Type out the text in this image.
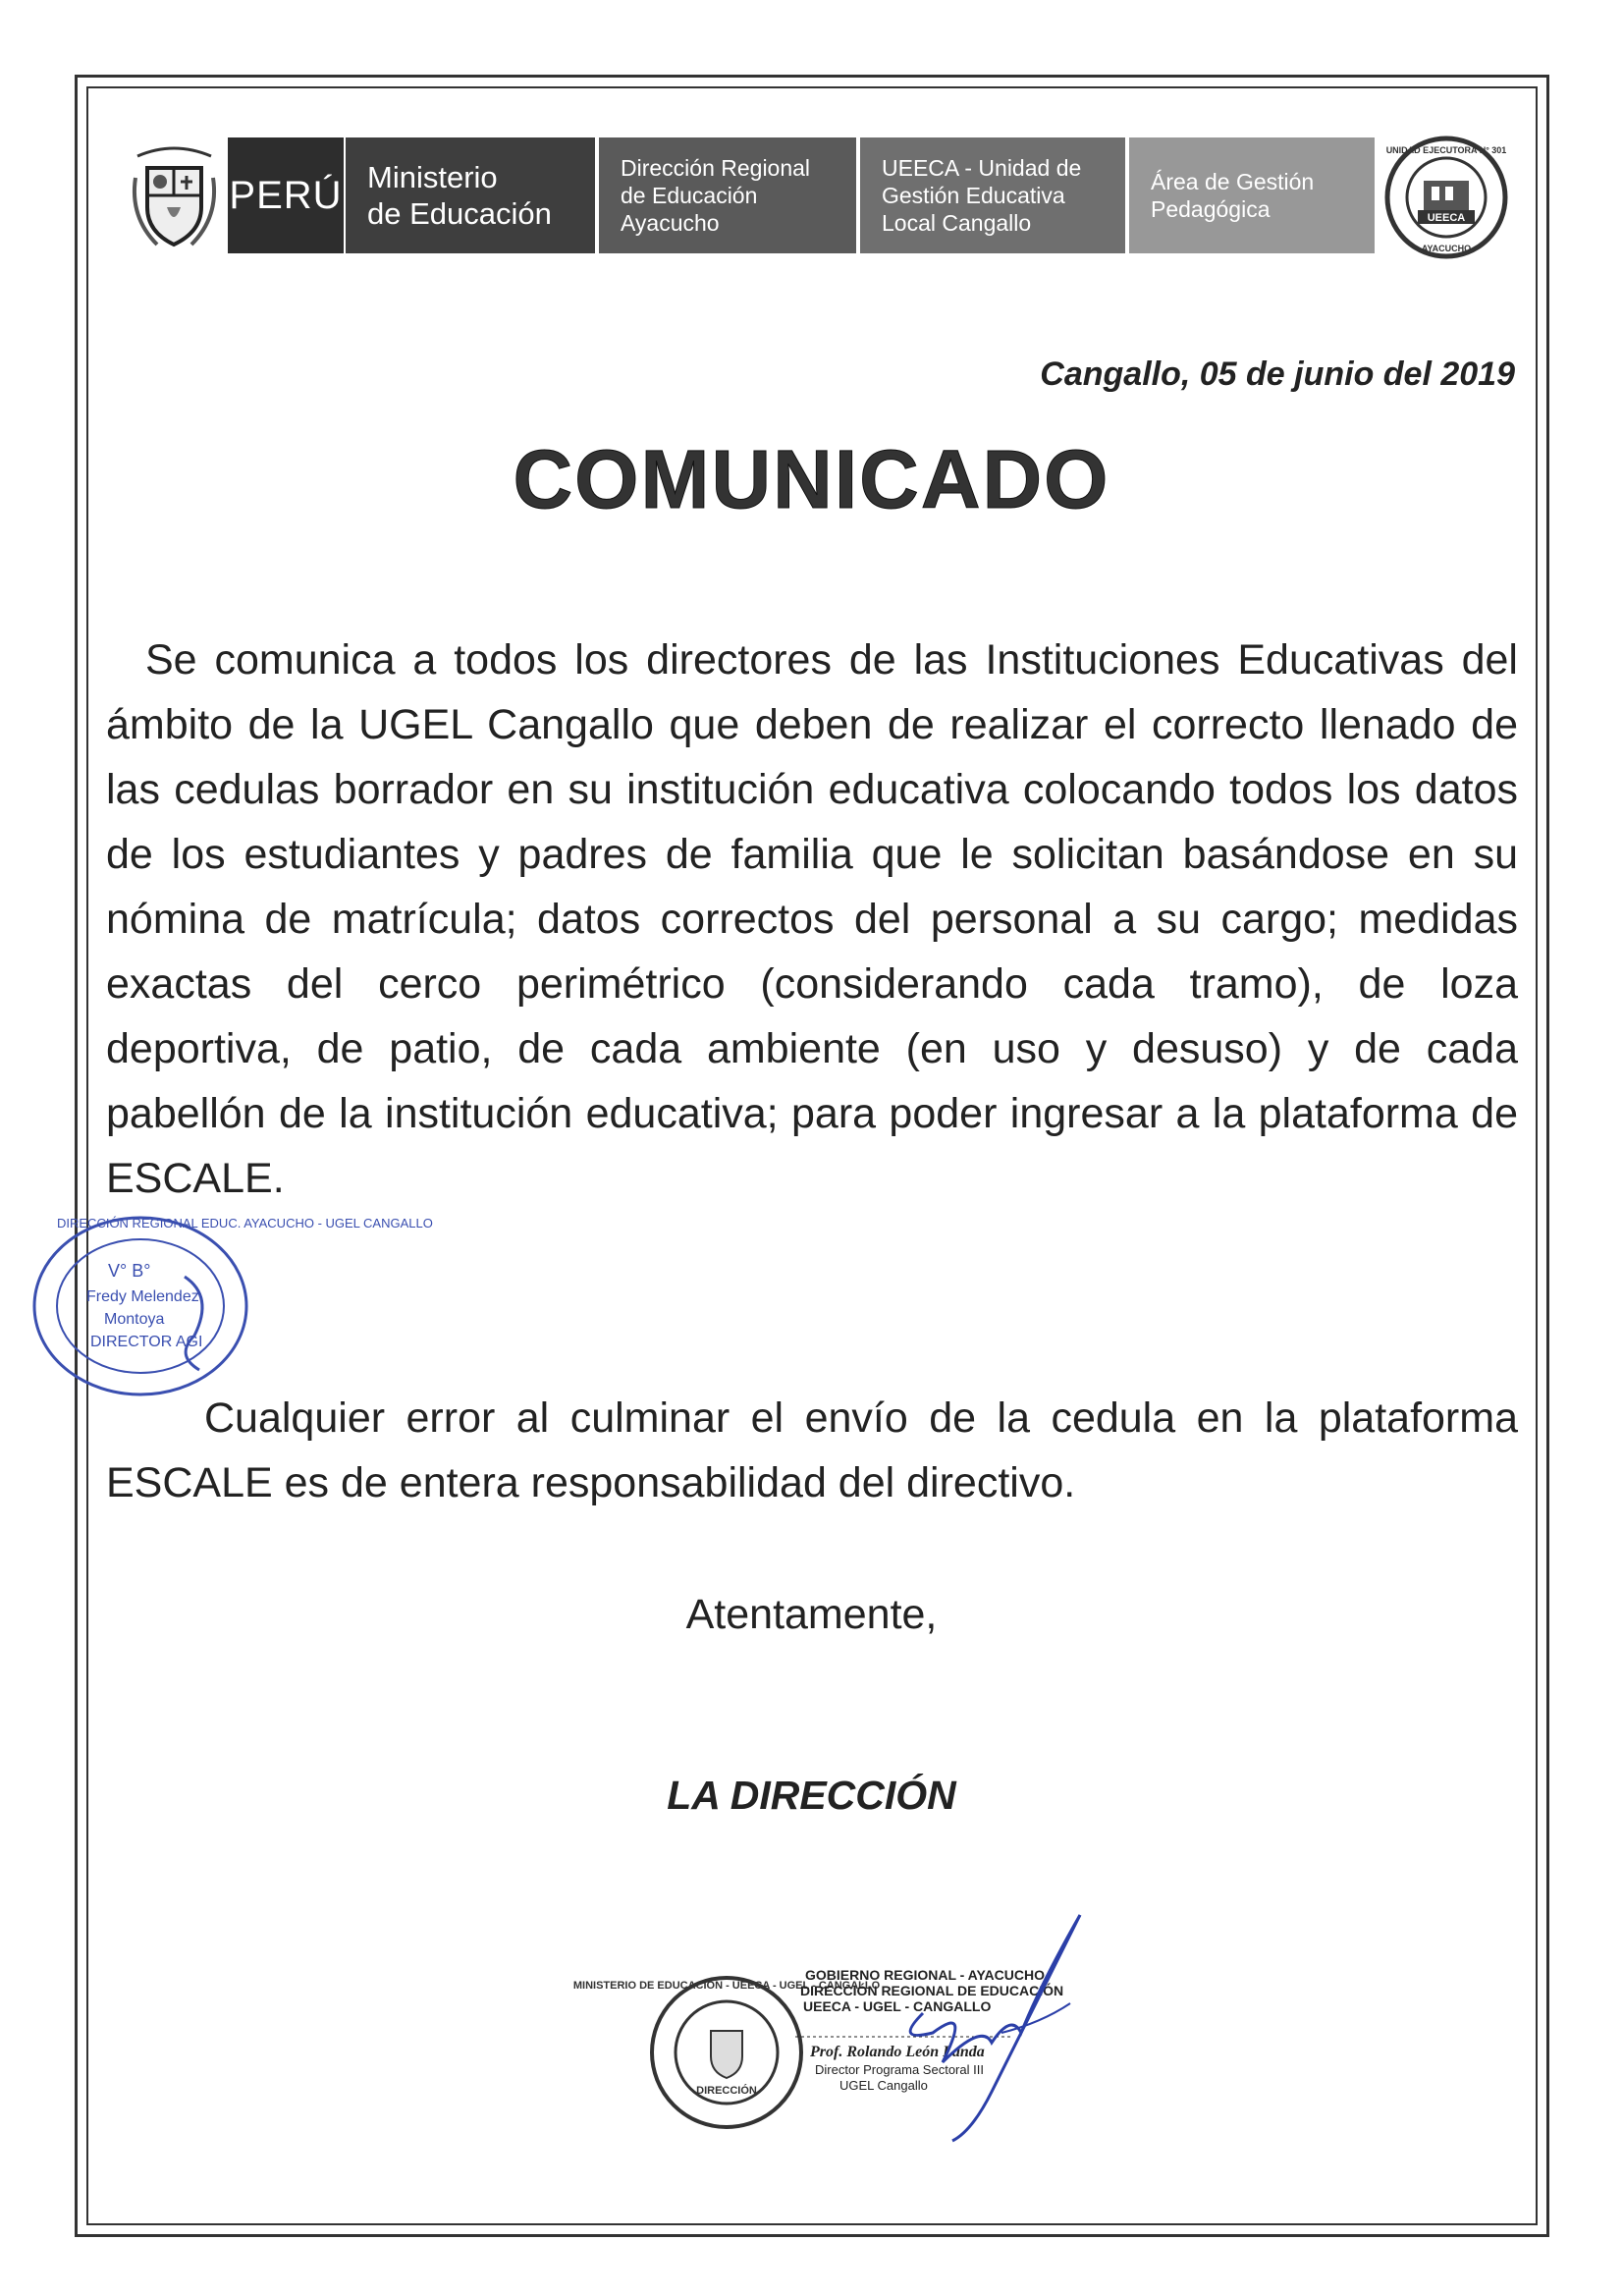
PERÚ Ministerio
de Educación
Dirección Regional
de Educación
Ayacucho
UEECA - Unidad de
Gestión Educativa
Local Cangallo
Área de Gestión
Pedagógica	UEECA
UNIDAD EJECUTORA N° 301
AYACUCHO
Cangallo, 05 de junio del 2019
COMUNICADO

Se comunica a todos los directores de las Instituciones Educativas del ámbito de la UGEL Cangallo que deben de realizar el correcto llenado de las cedulas borrador en su institución educativa colocando todos los datos de los estudiantes y padres de familia que le solicitan basándose en su nómina de matrícula; datos correctos del personal a su cargo; medidas exactas del cerco perimétrico (considerando cada tramo), de loza deportiva, de patio, de cada ambiente (en uso y desuso) y de cada pabellón de la institución educativa; para poder ingresar a la plataforma de ESCALE.

Cualquier error al culminar el envío de la cedula en la plataforma ESCALE es de entera responsabilidad del directivo.

Atentamente,
LA DIRECCIÓN
DIRECCIÓN REGIONAL EDUC. AYACUCHO - UGEL CANGALLO
V° B°
Fredy Melendez
Montoya
DIRECTOR AGI
MINISTERIO DE EDUCACIÓN - UEECA - UGEL - CANGALLO
DIRECCIÓN
GOBIERNO REGIONAL - AYACUCHO
DIRECCIÓN REGIONAL DE EDUCACIÓN
UEECA - UGEL - CANGALLO
Prof. Rolando León Landa
Director Programa Sectoral III
UGEL Cangallo
